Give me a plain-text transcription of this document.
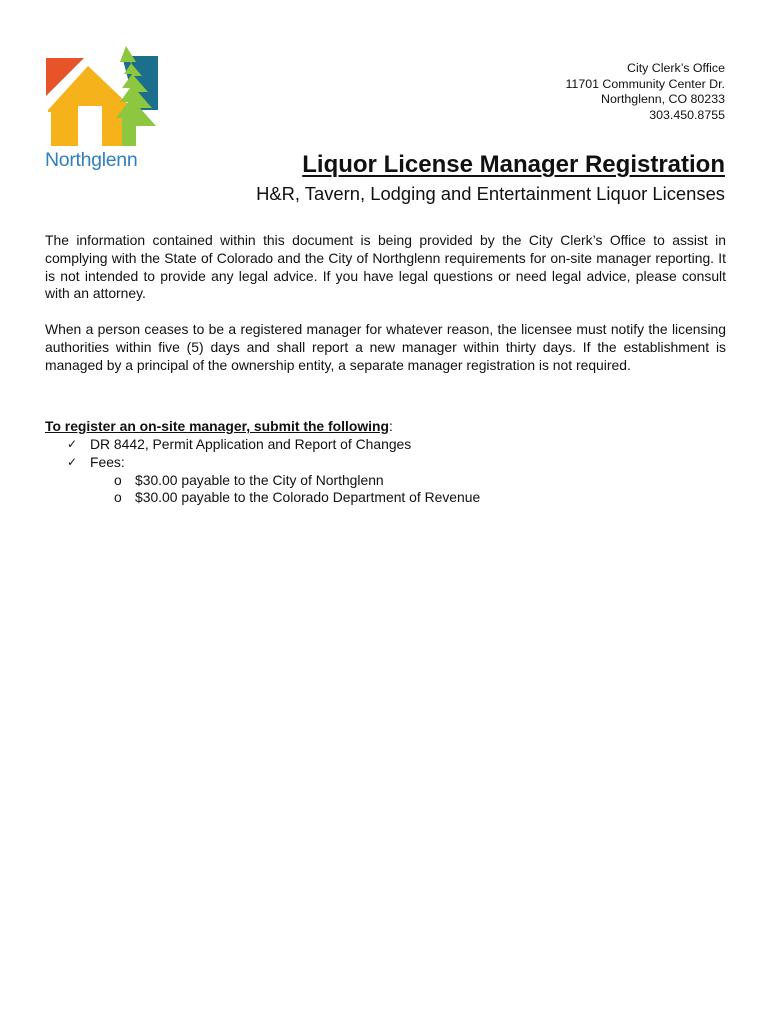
Northglenn
City Clerk’s Office
11701 Community Center Dr.
Northglenn, CO 80233
303.450.8755
Liquor License Manager Registration
H&R, Tavern, Lodging and Entertainment Liquor Licenses

The information contained within this document is being provided by the City Clerk’s Office to assist in complying with the State of Colorado and the City of Northglenn requirements for on-site manager reporting. It is not intended to provide any legal advice. If you have legal questions or need legal advice, please consult with an attorney.

When a person ceases to be a registered manager for whatever reason, the licensee must notify the licensing authorities within five (5) days and shall report a new manager within thirty days. If the establishment is managed by a principal of the ownership entity, a separate manager registration is not required.

To register an on-site manager, submit the following:
✓ DR 8442, Permit Application and Report of Changes
✓ Fees:
o $30.00 payable to the City of Northglenn
o $30.00 payable to the Colorado Department of Revenue
